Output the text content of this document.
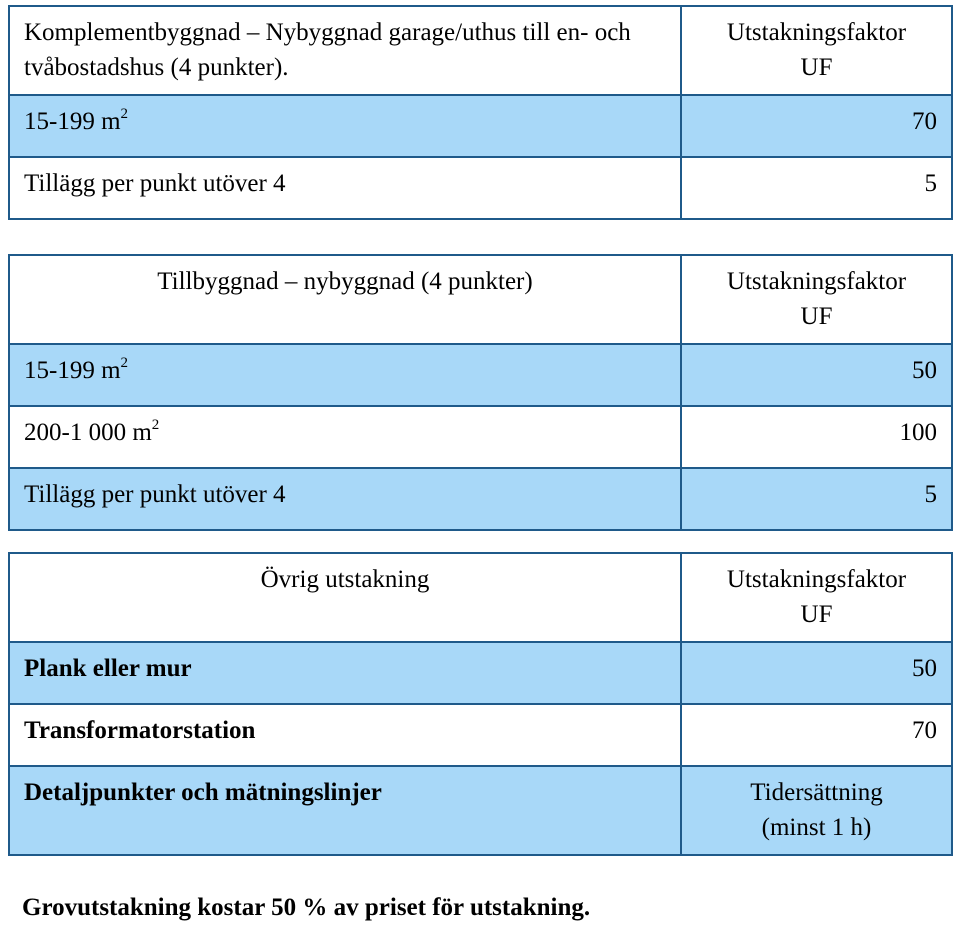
Komplementbyggnad – Nybyggnad garage/uthus till en- och tvåbostadshus (4 punkter).	Utstakningsfaktor
UF

15-199 $m^2$	70
Tillägg per punkt utöver 4	5
Tillbyggnad – nybyggnad (4 punkter)	Utstakningsfaktor
UF

15-199 $m^2$	50
200-1 000 $m^2$	100
Tillägg per punkt utöver 4	5
Övrig utstakning	Utstakningsfaktor
UF

Plank eller mur	50
Transformatorstation	70
Detaljpunkter och mätningslinjer	Tidersättning
(minst 1 h)
Grovutstakning kostar 50 % av priset för utstakning.
